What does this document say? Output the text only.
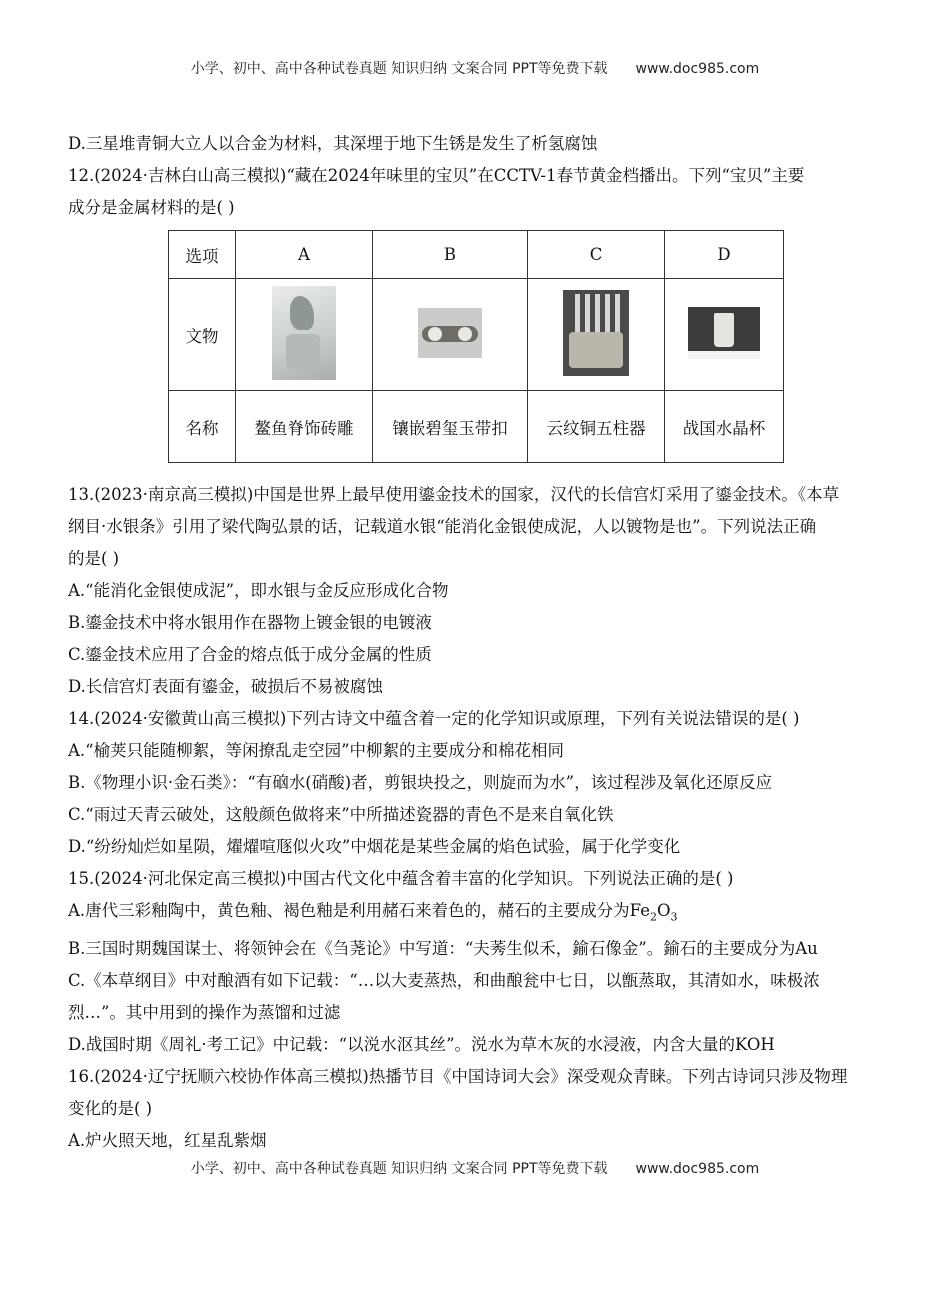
小学、初中、高中各种试卷真题 知识归纳 文案合同 PPT等免费下载 www.doc985.com
D.三星堆青铜大立人以合金为材料，其深埋于地下生锈是发生了析氢腐蚀
12.(2024·吉林白山高三模拟)“藏在2024年味里的宝贝”在CCTV-1春节黄金档播出。下列“宝贝”主要
成分是金属材料的是( )
选项	A	B	C	D
文物	

名称	鳌鱼脊饰砖雕	镶嵌碧玺玉带扣	云纹铜五柱器	战国水晶杯
13.(2023·南京高三模拟)中国是世界上最早使用鎏金技术的国家，汉代的长信宫灯采用了鎏金技术。《本草
纲目·水银条》引用了梁代陶弘景的话，记载道水银“能消化金银使成泥，人以镀物是也”。下列说法正确
的是( )
A.“能消化金银使成泥”，即水银与金反应形成化合物
B.鎏金技术中将水银用作在器物上镀金银的电镀液
C.鎏金技术应用了合金的熔点低于成分金属的性质
D.长信宫灯表面有鎏金，破损后不易被腐蚀
14.(2024·安徽黄山高三模拟)下列古诗文中蕴含着一定的化学知识或原理，下列有关说法错误的是( )
A.“榆荚只能随柳絮，等闲撩乱走空园”中柳絮的主要成分和棉花相同
B.《物理小识·金石类》：“有硇水(硝酸)者，剪银块投之，则旋而为水”，该过程涉及氧化还原反应
C.“雨过天青云破处，这般颜色做将来”中所描述瓷器的青色不是来自氧化铁
D.“纷纷灿烂如星陨，燿燿喧豗似火攻”中烟花是某些金属的焰色试验，属于化学变化
15.(2024·河北保定高三模拟)中国古代文化中蕴含着丰富的化学知识。下列说法正确的是( )
A.唐代三彩釉陶中，黄色釉、褐色釉是利用赭石来着色的，赭石的主要成分为$Fe_2O_3$
B.三国时期魏国谋士、将领钟会在《刍荛论》中写道：“夫莠生似禾，鍮石像金”。鍮石的主要成分为Au
C.《本草纲目》中对酿酒有如下记载：“…以大麦蒸热，和曲酿瓮中七日，以甑蒸取，其清如水，味极浓
烈…”。其中用到的操作为蒸馏和过滤
D.战国时期《周礼·考工记》中记载：“以涚水沤其丝”。涚水为草木灰的水浸液，内含大量的KOH
16.(2024·辽宁抚顺六校协作体高三模拟)热播节目《中国诗词大会》深受观众青睐。下列古诗词只涉及物理
变化的是( )
A.炉火照天地，红星乱紫烟
小学、初中、高中各种试卷真题 知识归纳 文案合同 PPT等免费下载 www.doc985.com
